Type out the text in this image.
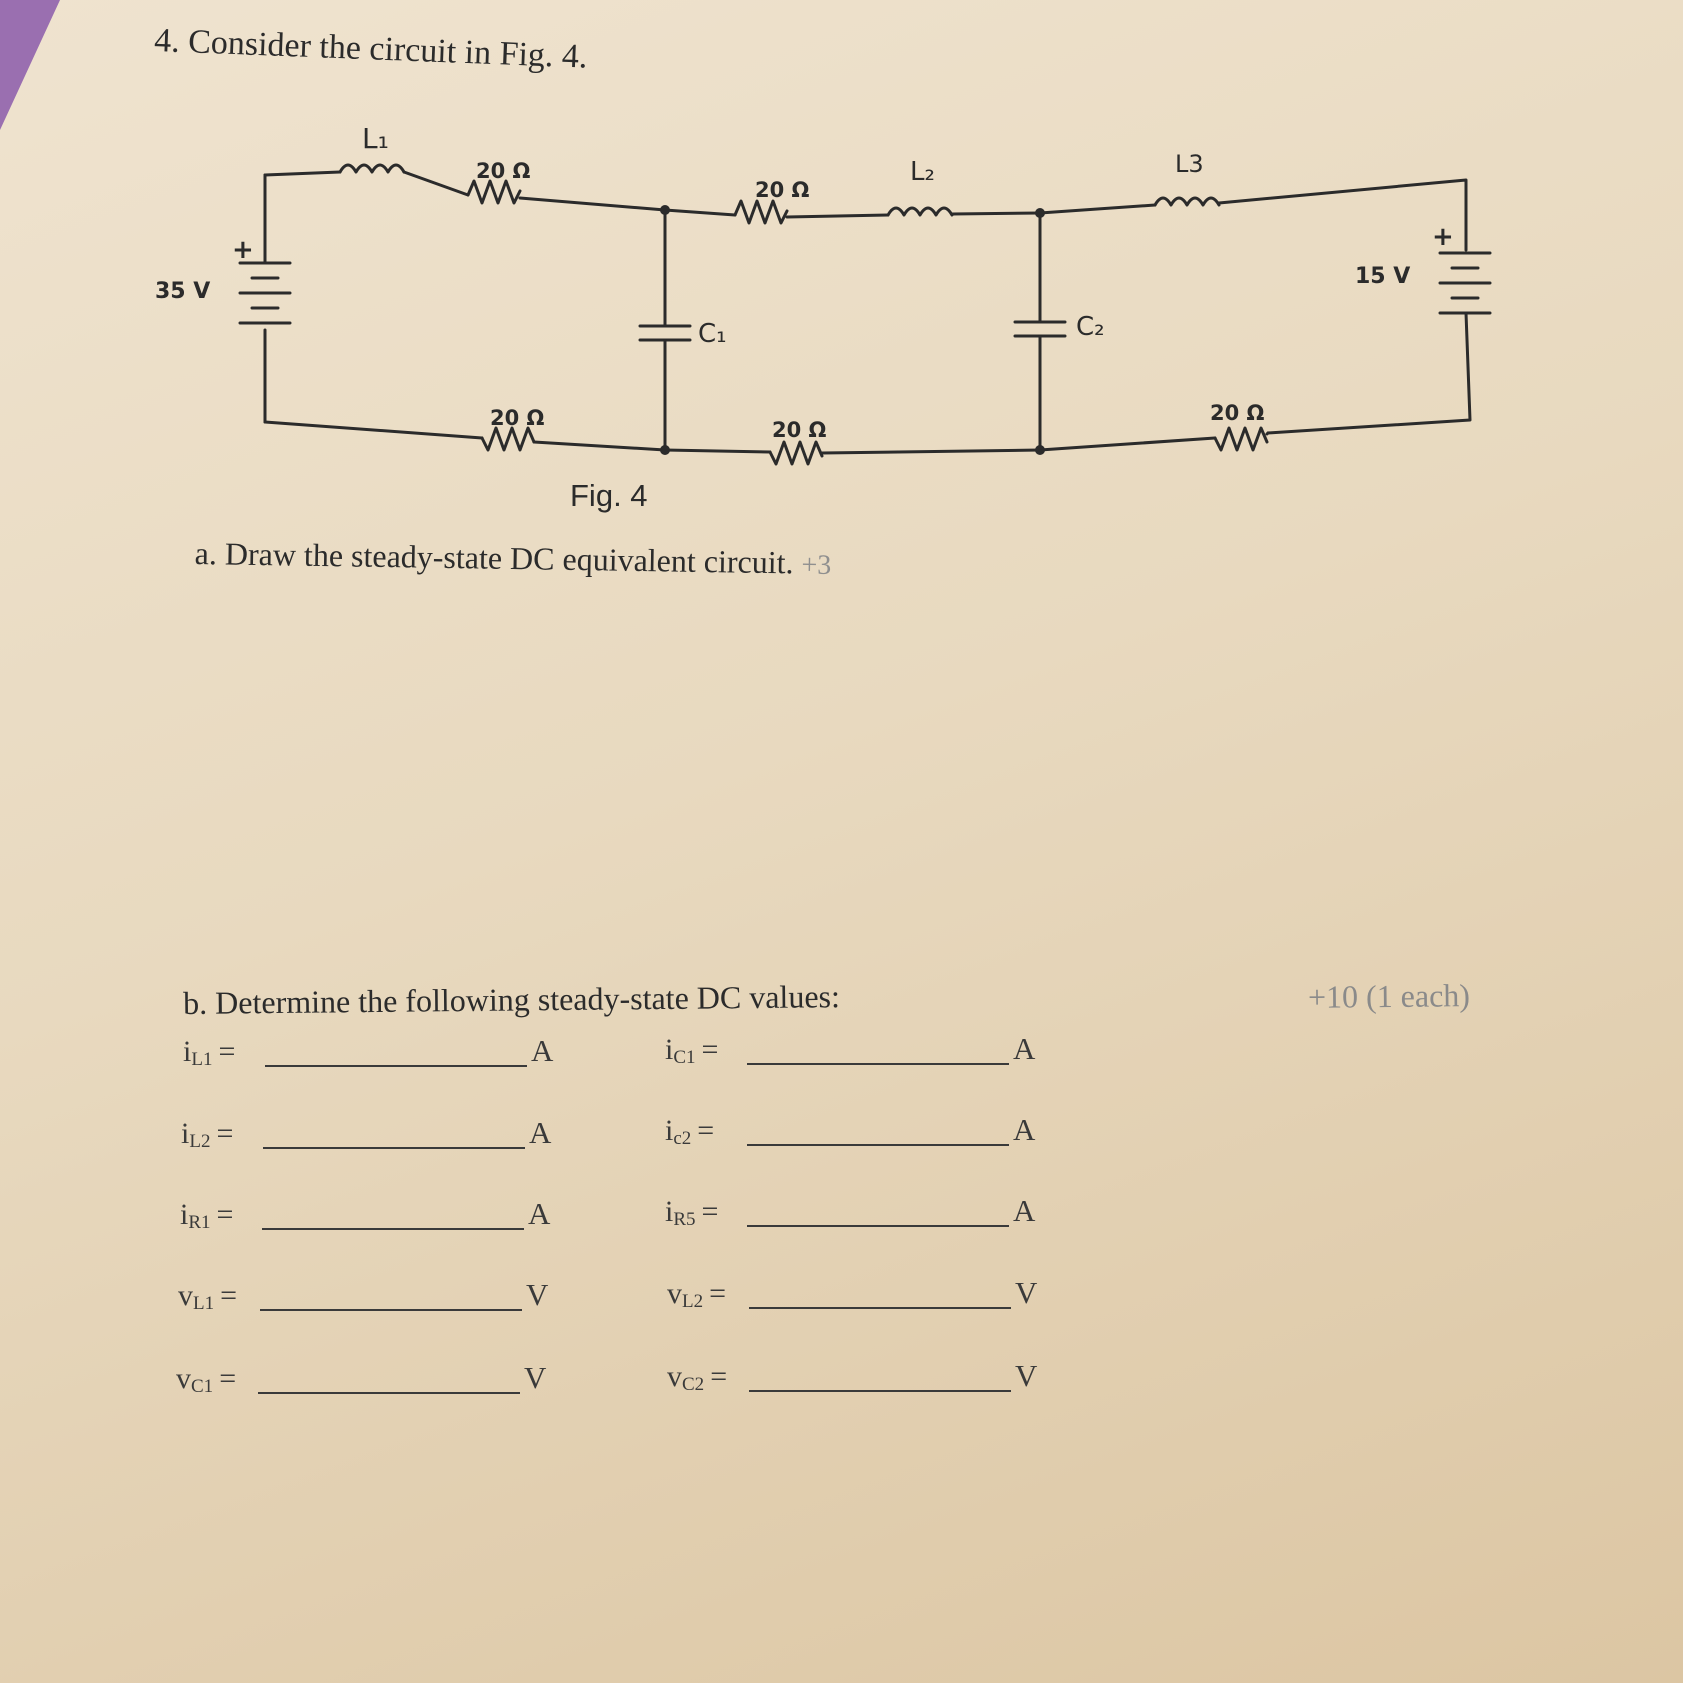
4. Consider the circuit in Fig. 4.
35 V
+
15 V
+
L₁
20 Ω
20 Ω
L₂	L3
C₁	C₂
20 Ω	20 Ω
20 Ω
Fig. 4
a. Draw the steady-state DC equivalent circuit. +3
b. Determine the following steady-state DC values:	+10 (1 each)
$i_{L1}$ =	A	$i_{C1}$ =	A
$i_{L2}$ =	A	$i_{c2}$ =	A
$i_{R1}$ =	A	$i_{R5}$ =	A
$v_{L1}$ =	V	$v_{L2}$ =	V
$v_{C1}$ =	V	$v_{C2}$ =	V
